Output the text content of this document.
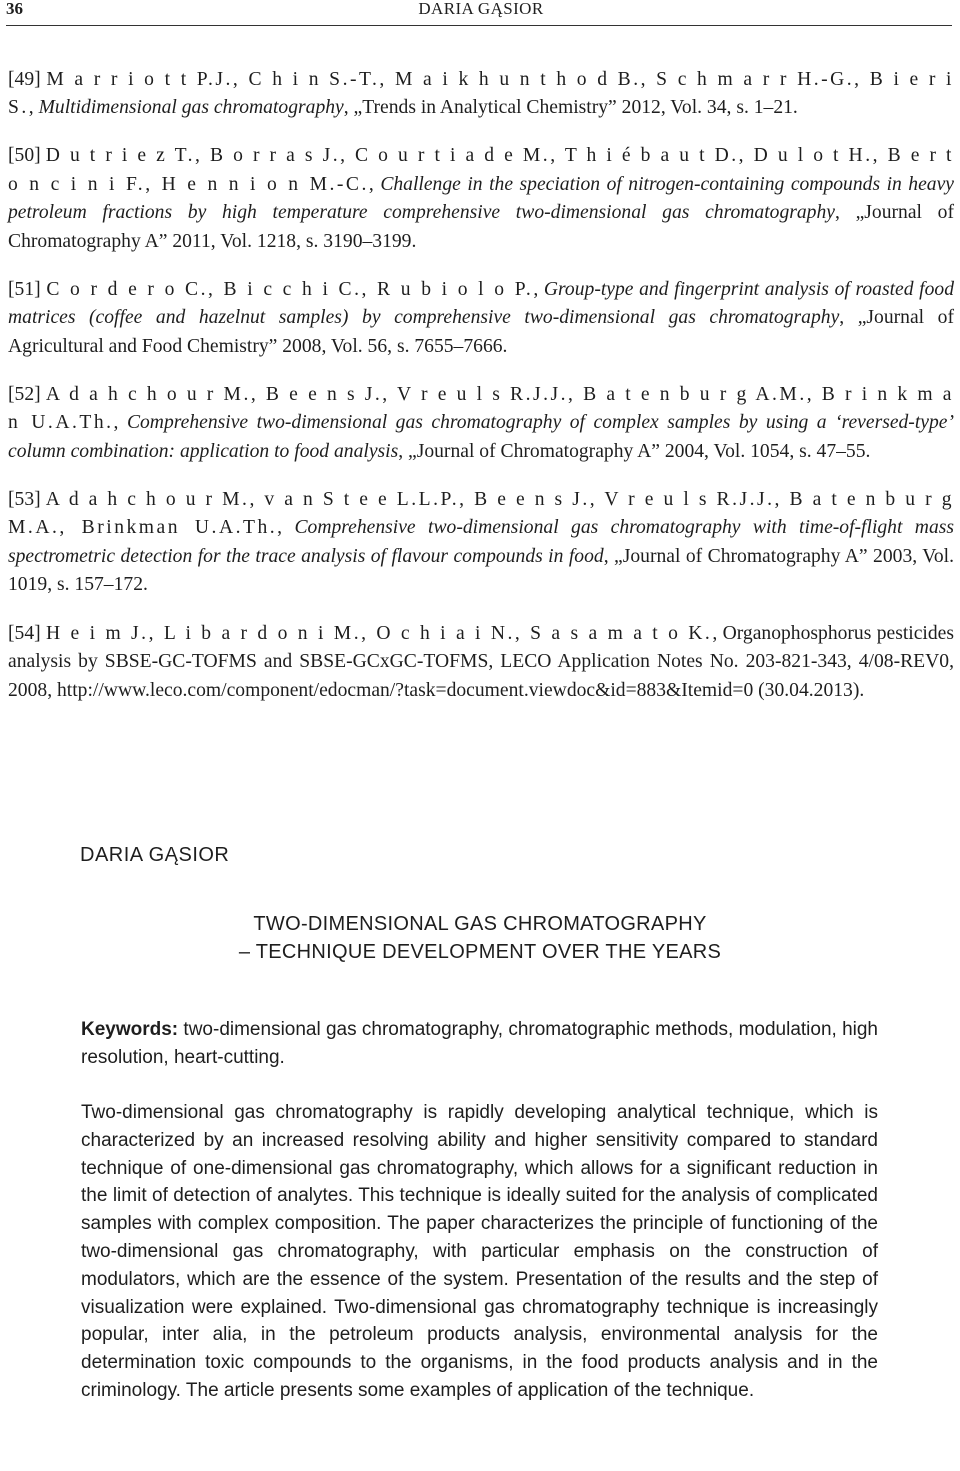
36	DARIA GĄSIOR

[49] M a r r i o t t P.J., C h i n S.-T., M a i k h u n t h o d B., S c h m a r r H.-G., B i e r i S., Multidimensional gas chromatography, „Trends in Analytical Chemistry” 2012, Vol. 34, s. 1–21.

[50] D u t r i e z T., B o r r a s J., C o u r t i a d e M., T h i é b a u t D., D u l o t H., B e r t o n c i n i F., H e n n i o n M.-C., Challenge in the speciation of nitrogen-containing compounds in heavy petroleum fractions by high temperature comprehensive two-dimensional gas chromatography, „Journal of Chromatography A” 2011, Vol. 1218, s. 3190–3199.

[51] C o r d e r o C., B i c c h i C., R u b i o l o P., Group-type and fingerprint analysis of roasted food matrices (coffee and hazelnut samples) by comprehensive two-dimensional gas chromatography, „Journal of Agricultural and Food Chemistry” 2008, Vol. 56, s. 7655–7666.

[52] A d a h c h o u r M., B e e n s J., V r e u l s R.J.J., B a t e n b u r g A.M., B r i n k m a n U.A.Th., Comprehensive two-dimensional gas chromatography of complex samples by using a ‘reversed-type’ column combination: application to food analysis, „Journal of Chromatography A” 2004, Vol. 1054, s. 47–55.

[53] A d a h c h o u r M., v a n S t e e L.L.P., B e e n s J., V r e u l s R.J.J., B a t e n b u r g M.A., Brinkman U.A.Th., Comprehensive two-dimensional gas chromatography with time-of-flight mass spectrometric detection for the trace analysis of flavour compounds in food, „Journal of Chromatography A” 2003, Vol. 1019, s. 157–172.

[54] H e i m J., L i b a r d o n i M., O c h i a i N., S a s a m a t o K., Organophosphorus pesticides analysis by SBSE-GC-TOFMS and SBSE-GCxGC-TOFMS, LECO Application Notes No. 203-821-343, 4/08-REV0, 2008, http://www.leco.com/component/edocman/?task=document.viewdoc&id=883&Itemid=0 (30.04.2013).

DARIA GĄSIOR
TWO-DIMENSIONAL GAS CHROMATOGRAPHY
– TECHNIQUE DEVELOPMENT OVER THE YEARS

Keywords: two-dimensional gas chromatography, chromatographic methods, modulation, high resolution, heart-cutting.

Two-dimensional gas chromatography is rapidly developing analytical technique, which is characterized by an increased resolving ability and higher sensitivity compared to standard technique of one-dimensional gas chromatography, which allows for a significant reduction in the limit of detection of analytes. This technique is ideally suited for the analysis of complicated samples with complex composition. The paper characterizes the principle of functioning of the two-dimensional gas chromatography, with particular emphasis on the construction of modulators, which are the essence of the system. Presentation of the results and the step of visualization were explained. Two-dimensional gas chromatography technique is increasingly popular, inter alia, in the petroleum products analysis, environmental analysis for the determination toxic compounds to the organisms, in the food products analysis and in the criminology. The article presents some examples of application of the technique.
